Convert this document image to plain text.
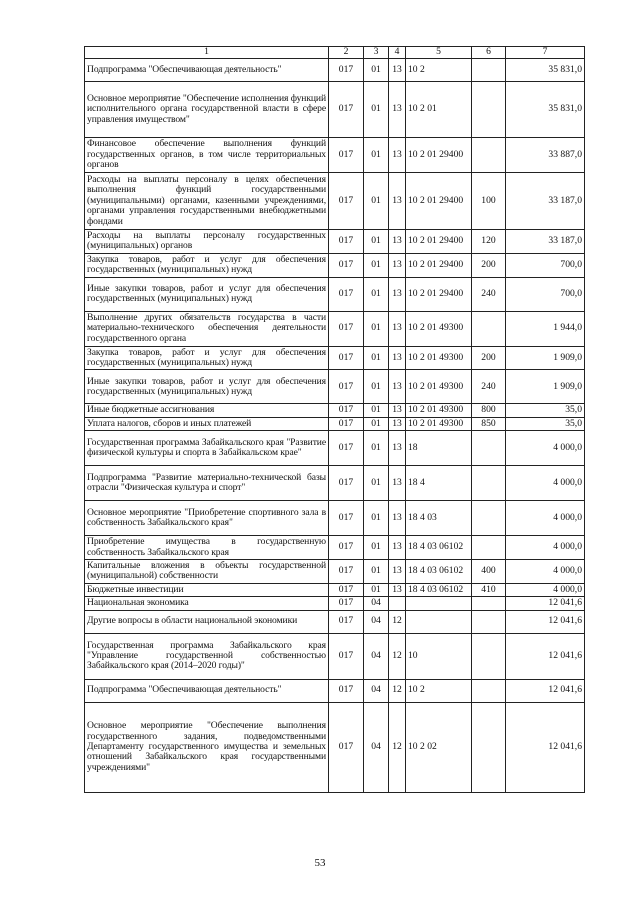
1	2	3	4	5	6	7
Подпрограмма "Обеспечивающая деятельность"	017	01	13	10 2		35 831,0
Основное мероприятие "Обеспечение исполнения функций исполнительного органа государственной власти в сфере управления имуществом"	017	01	13	10 2 01		35 831,0
Финансовое обеспечение выполнения функций государственных органов, в том числе территориальных органов	017	01	13	10 2 01 29400		33 887,0
Расходы на выплаты персоналу в целях обеспечения выполнения функций государственными (муниципальными) органами, казенными учреждениями, органами управления государственными внебюджетными фондами	017	01	13	10 2 01 29400	100	33 187,0
Расходы на выплаты персоналу государственных (муниципальных) органов	017	01	13	10 2 01 29400	120	33 187,0
Закупка товаров, работ и услуг для обеспечения государственных (муниципальных) нужд	017	01	13	10 2 01 29400	200	700,0
Иные закупки товаров, работ и услуг для обеспечения государственных (муниципальных) нужд	017	01	13	10 2 01 29400	240	700,0
Выполнение других обязательств государства в части материально-технического обеспечения деятельности государственного органа	017	01	13	10 2 01 49300		1 944,0
Закупка товаров, работ и услуг для обеспечения государственных (муниципальных) нужд	017	01	13	10 2 01 49300	200	1 909,0
Иные закупки товаров, работ и услуг для обеспечения государственных (муниципальных) нужд	017	01	13	10 2 01 49300	240	1 909,0
Иные бюджетные ассигнования	017	01	13	10 2 01 49300	800	35,0
Уплата налогов, сборов и иных платежей	017	01	13	10 2 01 49300	850	35,0
Государственная программа Забайкальского края "Развитие физической культуры и спорта в Забайкальском крае"	017	01	13	18		4 000,0
Подпрограмма "Развитие материально-технической базы отрасли "Физическая культура и спорт"	017	01	13	18 4		4 000,0
Основное мероприятие "Приобретение спортивного зала в собственность Забайкальского края"	017	01	13	18 4 03		4 000,0
Приобретение имущества в государственную собственность Забайкальского края	017	01	13	18 4 03 06102		4 000,0
Капитальные вложения в объекты государственной (муниципальной) собственности	017	01	13	18 4 03 06102	400	4 000,0
Бюджетные инвестиции	017	01	13	18 4 03 06102	410	4 000,0
Национальная экономика	017	04				12 041,6
Другие вопросы в области национальной экономики	017	04	12			12 041,6
Государственная программа Забайкальского края "Управление государственной собственностью Забайкальского края (2014–2020 годы)"	017	04	12	10		12 041,6
Подпрограмма "Обеспечивающая деятельность"	017	04	12	10 2		12 041,6
Основное мероприятие "Обеспечение выполнения государственного задания, подведомственными Департаменту государственного имущества и земельных отношений Забайкальского края государственными учреждениями"	017	04	12	10 2 02		12 041,6
53
